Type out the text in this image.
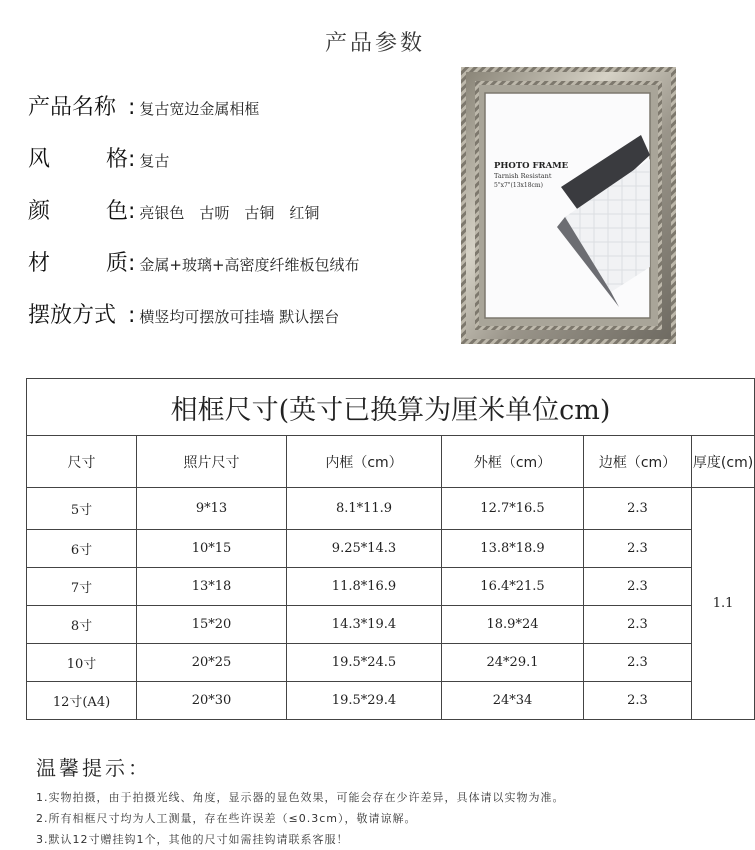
产品参数
产品名称 : 复古宽边金属相框
风	格 : 复古
颜	色 : 亮银色　古呖　古铜　红铜
材	质 : 金属+玻璃+高密度纤维板包绒布
摆放方式 : 横竖均可摆放可挂墙 默认摆台
PHOTO FRAME
Tarnish Resistant
5"x7"(13x18cm)
相框尺寸(英寸已换算为厘米单位cm)					
尺寸	照片尺寸	内框（cm）	外框（cm）	边框（cm）	厚度(cm)
5寸	9*13	8.1*11.9	12.7*16.5	2.3	1.1
6寸	10*15	9.25*14.3	13.8*18.9	2.3	
7寸	13*18	11.8*16.9	16.4*21.5	2.3	
8寸	15*20	14.3*19.4	18.9*24	2.3	
10寸	20*25	19.5*24.5	24*29.1	2.3	
12寸(A4)	20*30	19.5*29.4	24*34	2.3	
温馨提示：
1.实物拍摄，由于拍摄光线、角度，显示器的显色效果，可能会存在少许差异，具体请以实物为准。
2.所有相框尺寸均为人工测量，存在些许误差（≤0.3cm），敬请谅解。
3.默认12寸赠挂钩1个，其他的尺寸如需挂钩请联系客服！
